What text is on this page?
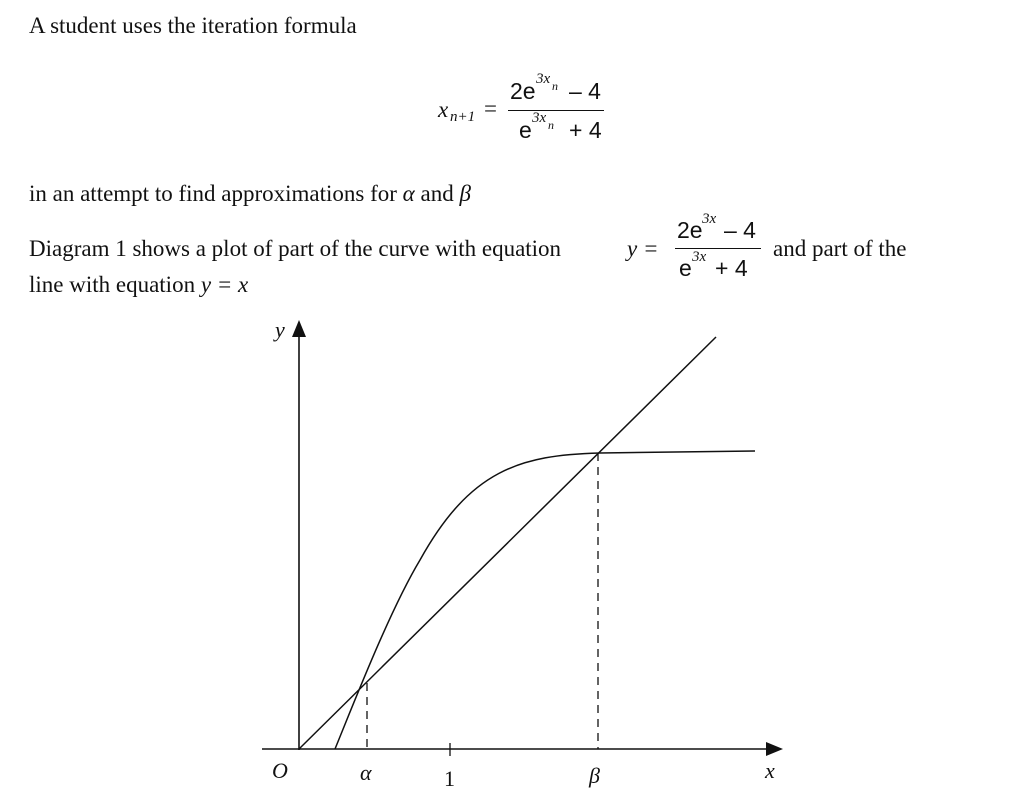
A student uses the iteration formula
x n+1 =
2e 3x n – 4
e 3x n + 4
in an attempt to find approximations for α and β
Diagram 1 shows a plot of part of the curve with equation	y =
2e 3x – 4
e 3x + 4
and part of the
line with equation y = x
y
x
O	α	1	β
